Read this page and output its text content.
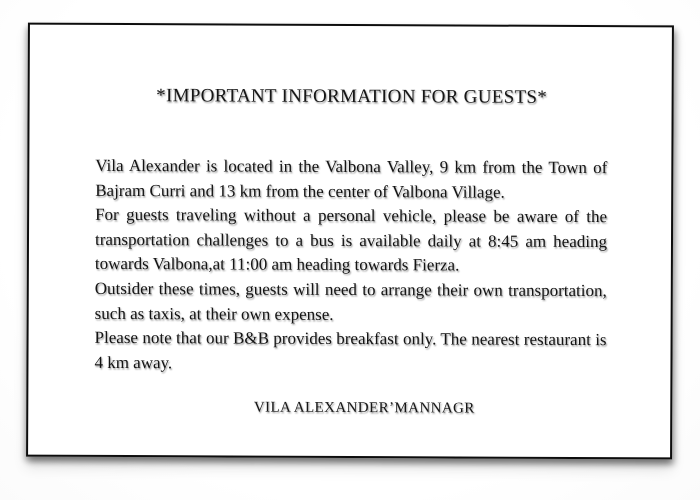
*IMPORTANT INFORMATION FOR GUESTS*

Vila Alexander is located in the Valbona Valley, 9 km from the Town of Bajram Curri and 13 km from the center of Valbona Village.

For guests traveling without a personal vehicle, please be aware of the transportation challenges to a bus is available daily at 8:45 am heading towards Valbona,at 11:00 am heading towards Fierza.

Outsider these times, guests will need to arrange their own transportation, such as taxis, at their own expense.

Please note that our B&B provides breakfast only. The nearest restaurant is 4 km away.

VILA ALEXANDER’MANNAGR
